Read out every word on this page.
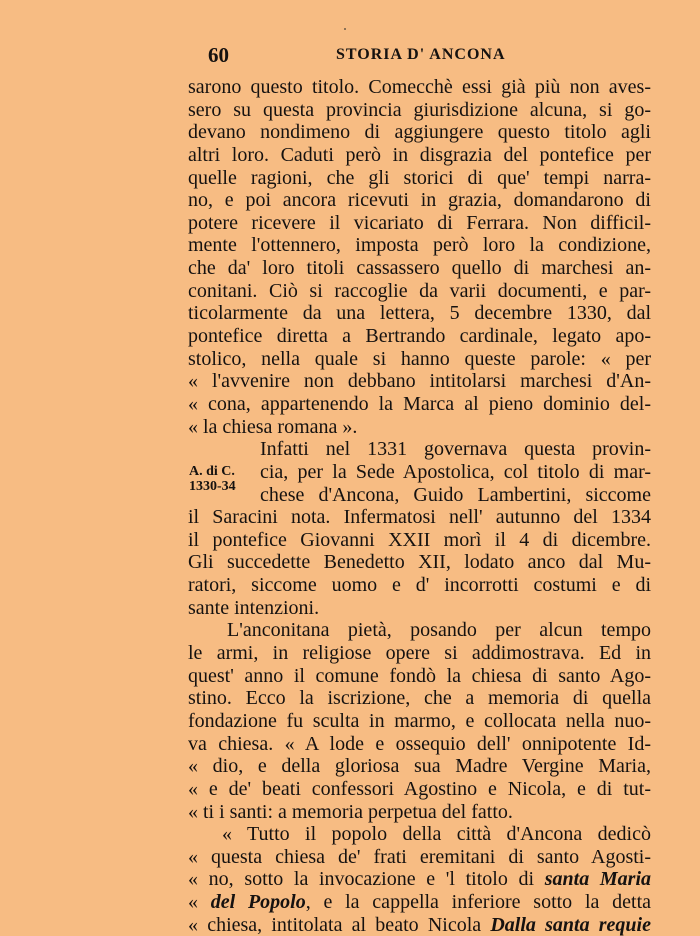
60	STORIA D' ANCONA
A. di C.
1330-34
sarono questo titolo. Comecchè essi già più non aves-
sero su questa provincia giurisdizione alcuna, si go-
devano nondimeno di aggiungere questo titolo agli
altri loro. Caduti però in disgrazia del pontefice per
quelle ragioni, che gli storici di que' tempi narra-
no, e poi ancora ricevuti in grazia, domandarono di
potere ricevere il vicariato di Ferrara. Non difficil-
mente l'ottennero, imposta però loro la condizione,
che da' loro titoli cassassero quello di marchesi an-
conitani. Ciò si raccoglie da varii documenti, e par-
ticolarmente da una lettera, 5 decembre 1330, dal
pontefice diretta a Bertrando cardinale, legato apo-
stolico, nella quale si hanno queste parole: « per
« l'avvenire non debbano intitolarsi marchesi d'An-
« cona, appartenendo la Marca al pieno dominio del-
« la chiesa romana ».
Infatti nel 1331 governava questa provin-
cia, per la Sede Apostolica, col titolo di mar-
chese d'Ancona, Guido Lambertini, siccome
il Saracini nota. Infermatosi nell' autunno del 1334
il pontefice Giovanni XXII morì il 4 di dicembre.
Gli succedette Benedetto XII, lodato anco dal Mu-
ratori, siccome uomo e d' incorrotti costumi e di
sante intenzioni.
L'anconitana pietà, posando per alcun tempo
le armi, in religiose opere si addimostrava. Ed in
quest' anno il comune fondò la chiesa di santo Ago-
stino. Ecco la iscrizione, che a memoria di quella
fondazione fu sculta in marmo, e collocata nella nuo-
va chiesa. « A lode e ossequio dell' onnipotente Id-
« dio, e della gloriosa sua Madre Vergine Maria,
« e de' beati confessori Agostino e Nicola, e di tut-
« ti i santi: a memoria perpetua del fatto.
« Tutto il popolo della città d'Ancona dedicò
« questa chiesa de' frati eremitani di santo Agosti-
« no, sotto la invocazione e 'l titolo di santa Maria
« del Popolo, e la cappella inferiore sotto la detta
« chiesa, intitolata al beato Nicola Dalla santa requie
